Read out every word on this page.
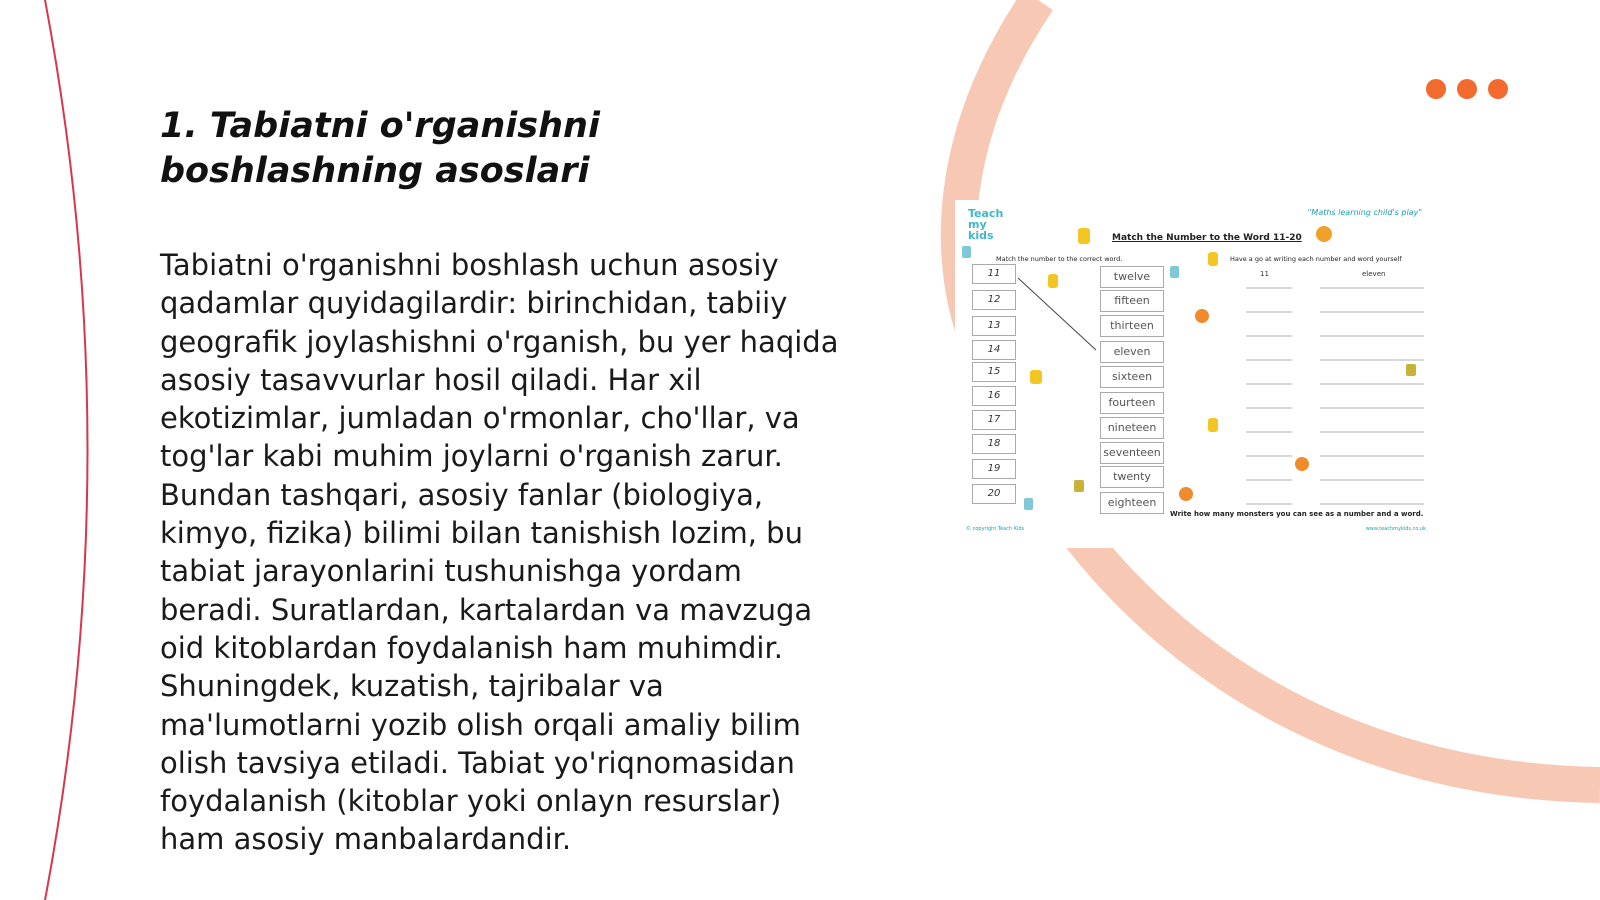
1. Tabiatni o'rganishni boshlashning asoslari

Tabiatni o'rganishni boshlash uchun asosiy qadamlar quyidagilardir: birinchidan, tabiiy geografik joylashishni o'rganish, bu yer haqida asosiy tasavvurlar hosil qiladi. Har xil ekotizimlar, jumladan o'rmonlar, cho'llar, va tog'lar kabi muhim joylarni o'rganish zarur. Bundan tashqari, asosiy fanlar (biologiya, kimyo, fizika) bilimi bilan tanishish lozim, bu tabiat jarayonlarini tushunishga yordam beradi. Suratlardan, kartalardan va mavzuga oid kitoblardan foydalanish ham muhimdir. Shuningdek, kuzatish, tajribalar va ma'lumotlarni yozib olish orqali amaliy bilim olish tavsiya etiladi. Tabiat yo'riqnomasidan foydalanish (kitoblar yoki onlayn resurslar) ham asosiy manbalardandir.

Teach my kids
"Maths learning child's play"
Match the Number to the Word 11-20
Match the number to the correct word.	Have a go at writing each number and word yourself
11
12
13
14
15
16
17
18
19
20
twelve
fifteen
thirteen
eleven
sixteen
fourteen
nineteen
seventeen
twenty
eighteen
11	eleven
Write how many monsters you can see as a number and a word.
© copyright Teach Kids	www.teachmykids.co.uk
